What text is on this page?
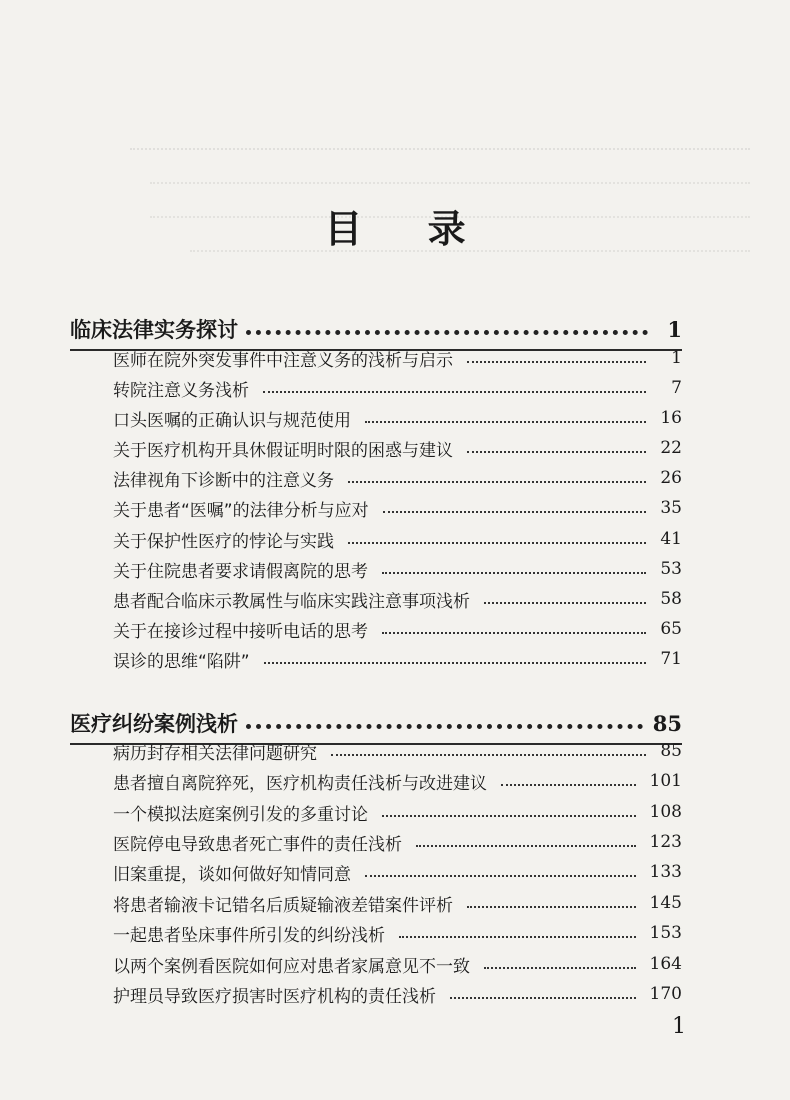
目 录
临床法律实务探讨	1
医师在院外突发事件中注意义务的浅析与启示	1
转院注意义务浅析	7
口头医嘱的正确认识与规范使用	16
关于医疗机构开具休假证明时限的困惑与建议	22
法律视角下诊断中的注意义务	26
关于患者“医嘱”的法律分析与应对	35
关于保护性医疗的悖论与实践	41
关于住院患者要求请假离院的思考	53
患者配合临床示教属性与临床实践注意事项浅析	58
关于在接诊过程中接听电话的思考	65
误诊的思维“陷阱”	71
医疗纠纷案例浅析	85
病历封存相关法律问题研究	85
患者擅自离院猝死，医疗机构责任浅析与改进建议	101
一个模拟法庭案例引发的多重讨论	108
医院停电导致患者死亡事件的责任浅析	123
旧案重提，谈如何做好知情同意	133
将患者输液卡记错名后质疑输液差错案件评析	145
一起患者坠床事件所引发的纠纷浅析	153
以两个案例看医院如何应对患者家属意见不一致	164
护理员导致医疗损害时医疗机构的责任浅析	170
1
